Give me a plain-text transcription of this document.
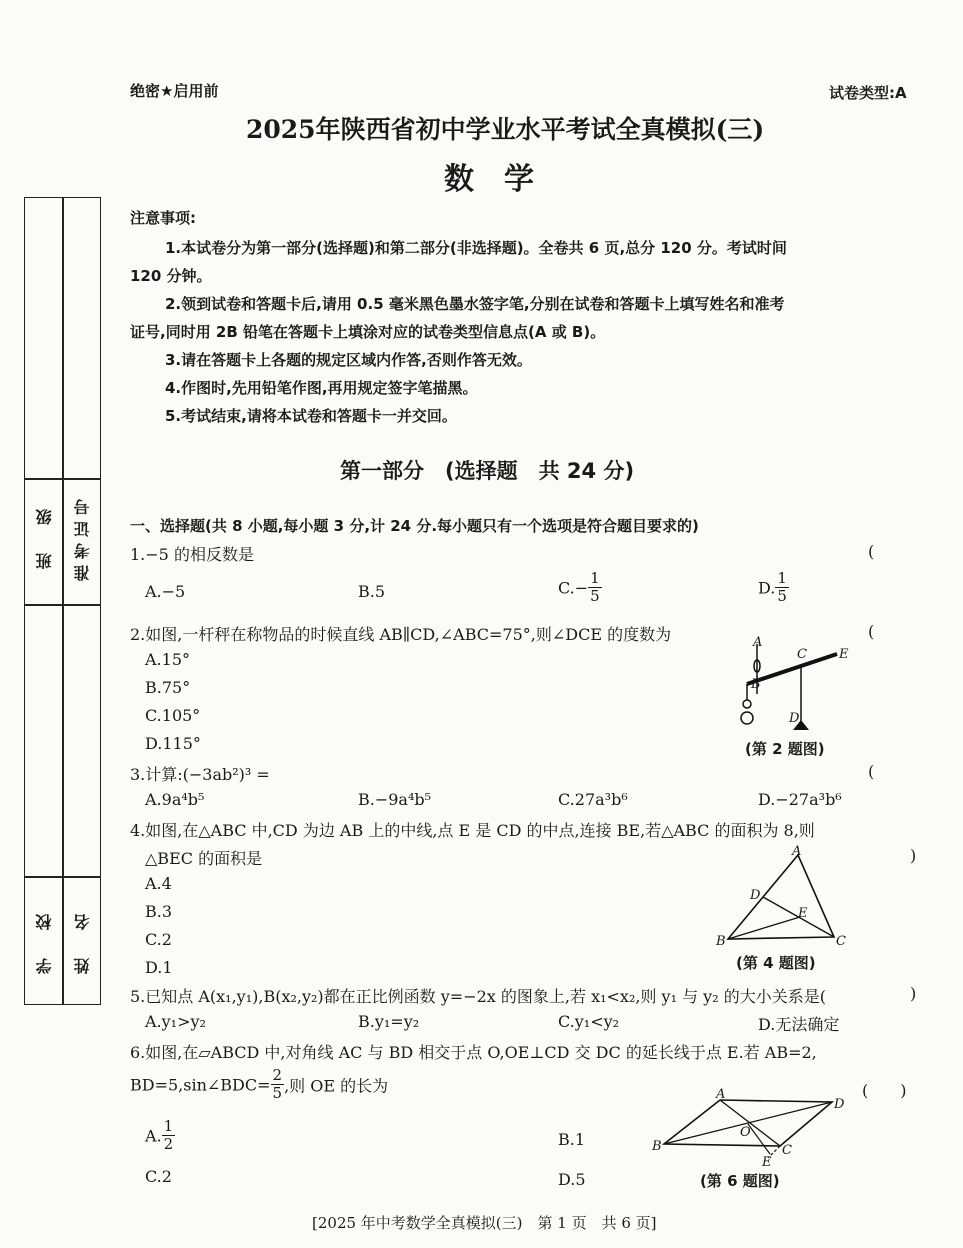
绝密★启用前	试卷类型:A
2025年陕西省初中学业水平考试全真模拟(三)
数　学
班　级 准考证号
学　校 姓　名
注意事项:
1.本试卷分为第一部分(选择题)和第二部分(非选择题)。全卷共 6 页,总分 120 分。考试时间
120 分钟。
2.领到试卷和答题卡后,请用 0.5 毫米黑色墨水签字笔,分别在试卷和答题卡上填写姓名和准考
证号,同时用 2B 铅笔在答题卡上填涂对应的试卷类型信息点(A 或 B)。
3.请在答题卡上各题的规定区域内作答,否则作答无效。
4.作图时,先用铅笔作图,再用规定签字笔描黑。
5.考试结束,请将本试卷和答题卡一并交回。
第一部分　(选择题　共 24 分)
一、选择题(共 8 小题,每小题 3 分,计 24 分.每小题只有一个选项是符合题目要求的)
1.−5 的相反数是	(
A.−5	B.5	$C.- \frac{1}{5}$	D. $\frac{1}{5}$
2.如图,一杆秤在称物品的时候直线 AB∥CD,∠ABC=75°,则∠DCE 的度数为	(
A.15°
B.75°
C.105°
D.115°
A
B
C
D
E
(第 2 题图)
3.计算:(−3ab²)³ =	(
A.9a⁴b⁵	B.−9a⁴b⁵	C.27a³b⁶	D.−27a³b⁶
4.如图,在△ABC 中,CD 为边 AB 上的中线,点 E 是 CD 的中点,连接 BE,若△ABC 的面积为 8,则
△BEC 的面积是	)
A.4
B.3
C.2
D.1
A
B	C
D
E
(第 4 题图)
5.已知点 A(x₁,y₁),B(x₂,y₂)都在正比例函数 y=−2x 的图象上,若 x₁<x₂,则 y₁ 与 y₂ 的大小关系是(	)
A.y₁>y₂	B.y₁=y₂	C.y₁<y₂	D.无法确定
6.如图,在▱ABCD 中,对角线 AC 与 BD 相交于点 O,OE⊥CD 交 DC 的延长线于点 E.若 AB=2,
BD=5,sin∠BDC= $\frac{2}{5}$ ,则 OE 的长为	(　　)
A. $\frac{1}{2}$	B.1
C.2	D.5
A
B	C
D
E
O
(第 6 题图)
[2025 年中考数学全真模拟(三)　第 1 页　共 6 页]
